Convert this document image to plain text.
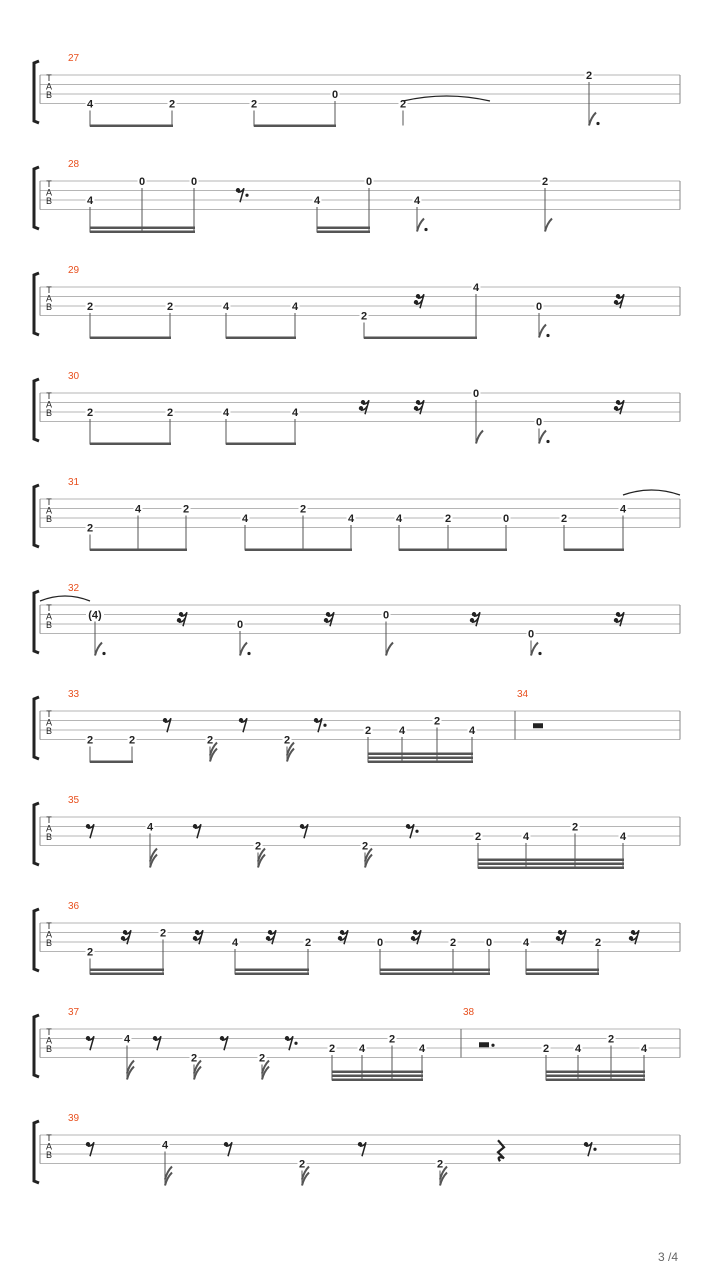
T
A
B
27
4	2	2
0
2
2
T
A
B
28
4
0	0
4
0
4
2
T
A
B
29
2	2	4	4
2
4
0
T
A
B
30
2	2	4	4
0
0
T
A
B
31
2
4	2
4
2
4	4	2	0	2
4
T
A
B
32
(4)
0
0
0
T
A
B
33	34
2	2	2	2
2	4
2
4
T
A
B
35
4
2	2
2	4
2
4
T
A
B
36
2
2
4	2	0	2	0	4	2
T
A
B
37	38
4
2	2
2 4
2
4	2 4
2
4
T
A
B
39
4
2	2
3 /4
